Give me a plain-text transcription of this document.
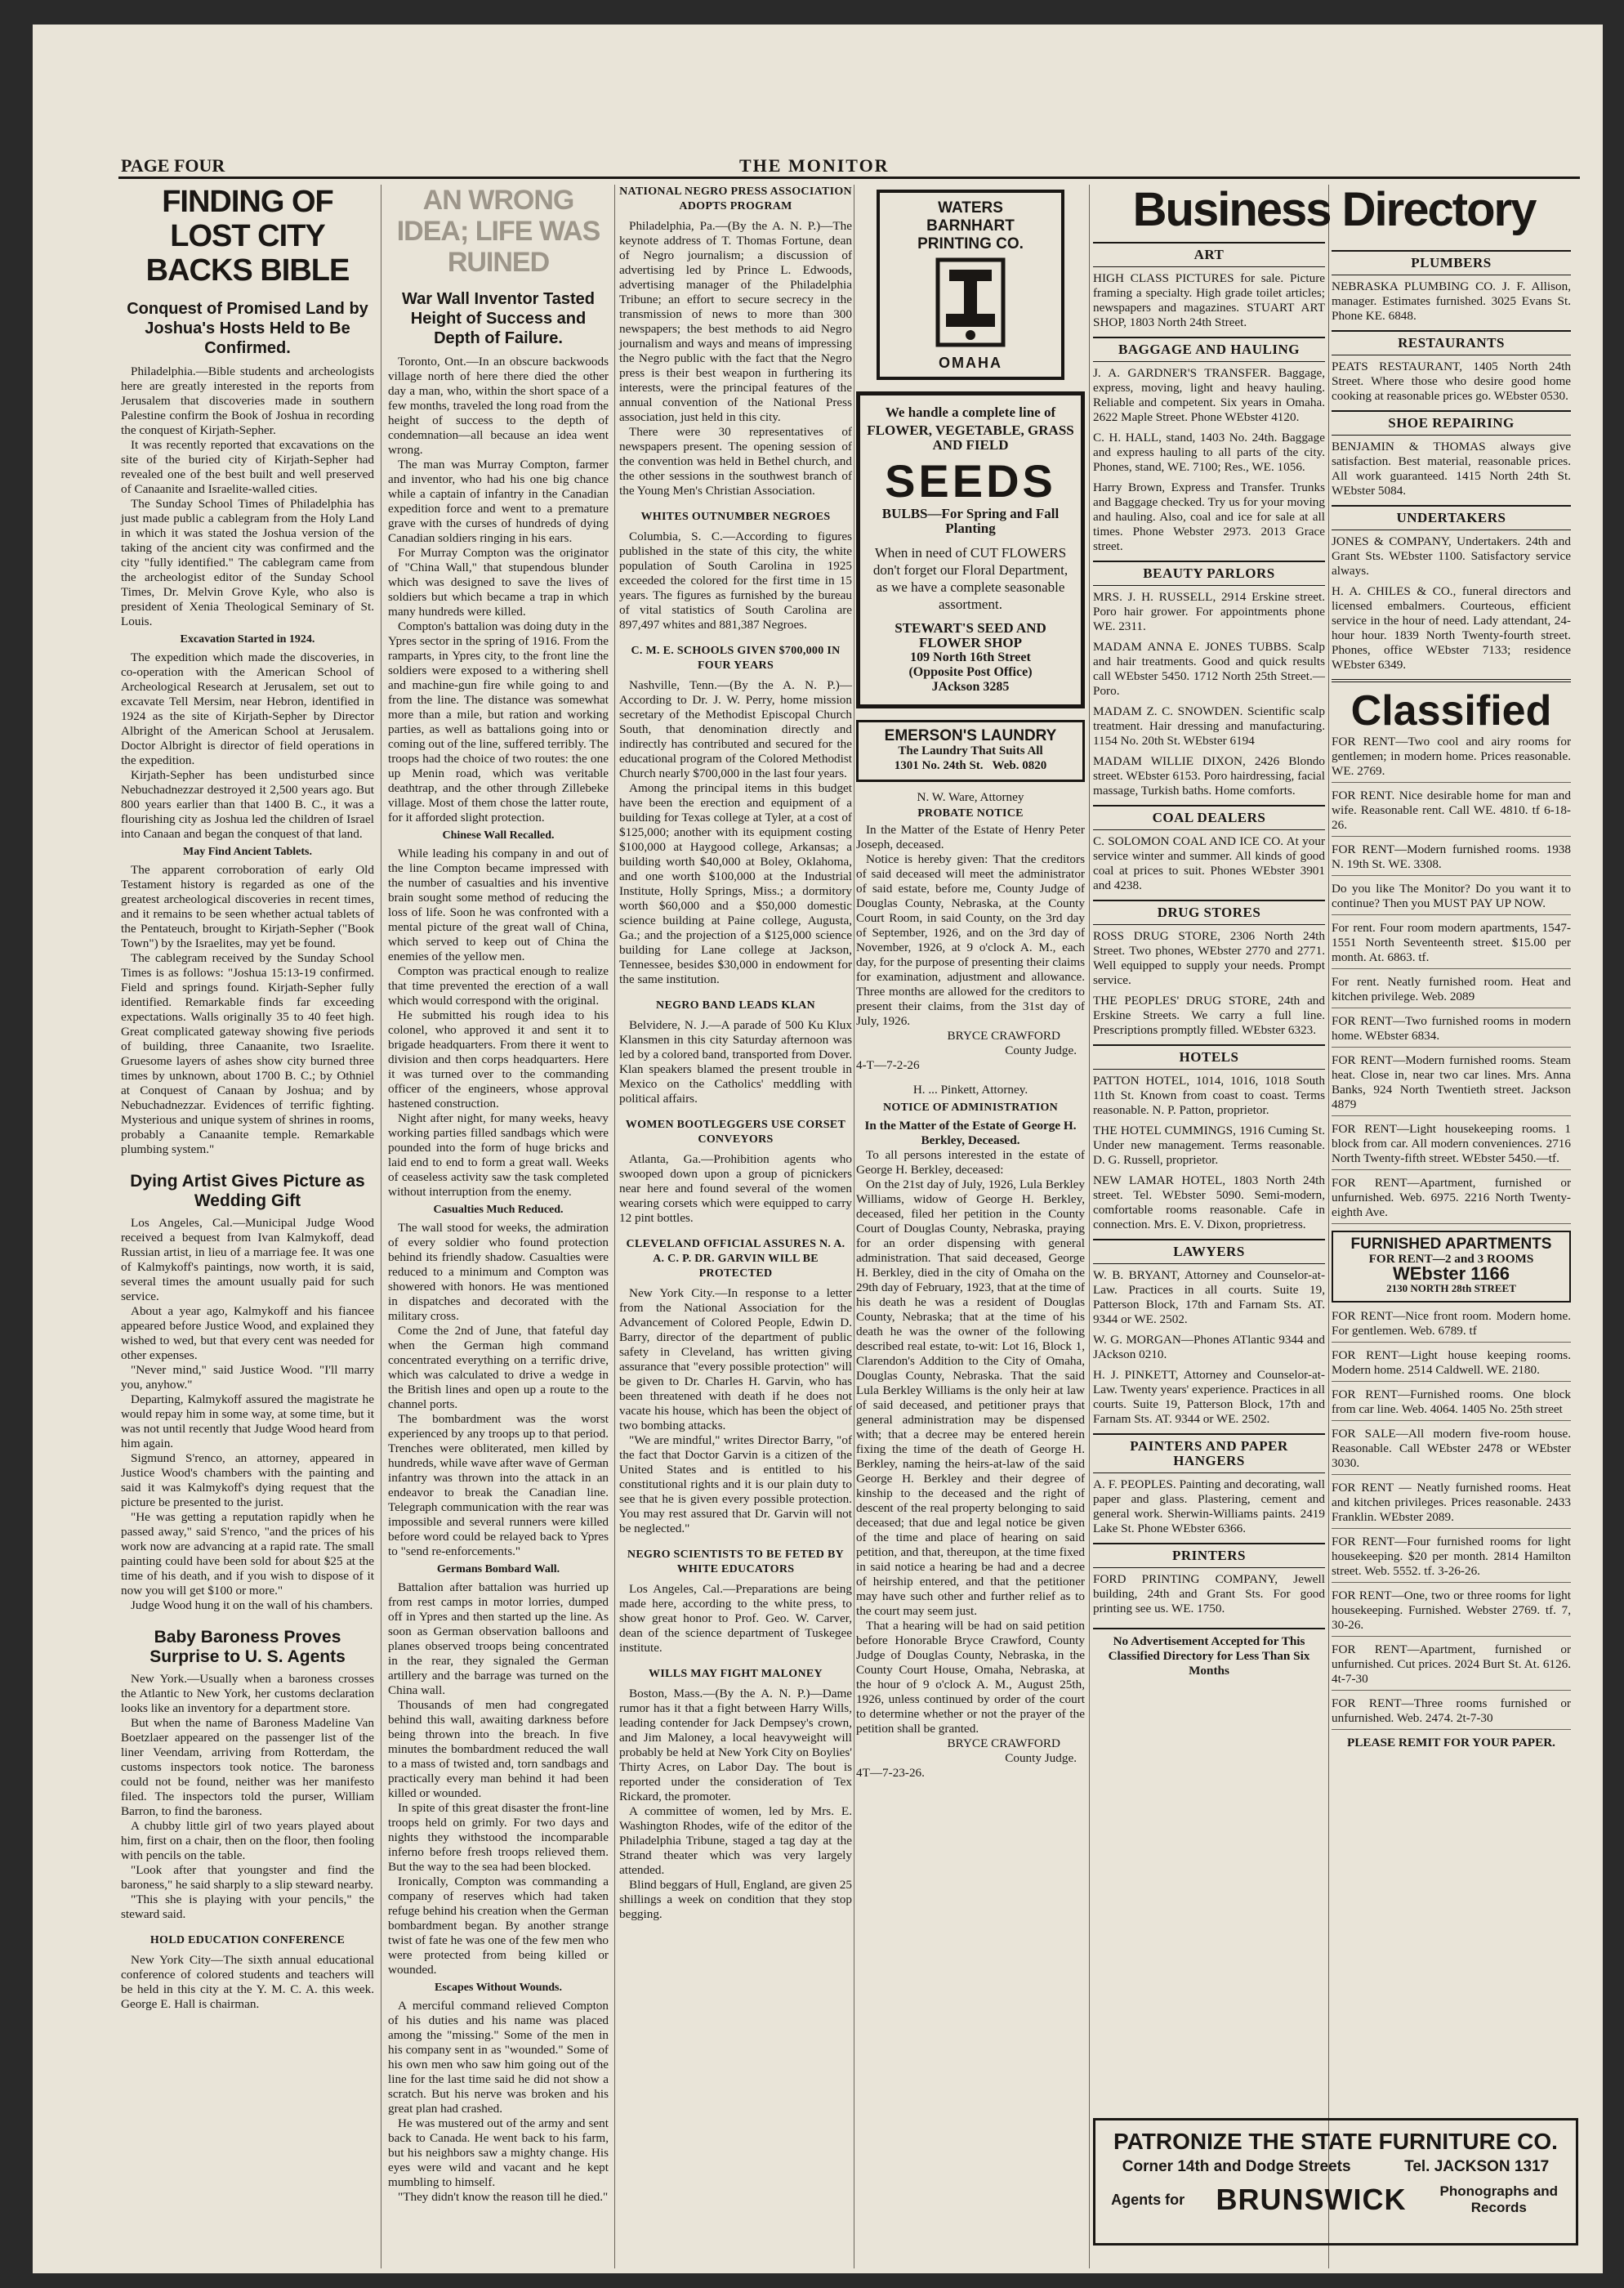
PAGE FOUR	THE MONITOR
FINDING OF LOST CITY BACKS BIBLE
Conquest of Promised Land by Joshua's Hosts Held to Be Confirmed.

Philadelphia.—Bible students and archeologists here are greatly interested in the reports from Jerusalem that discoveries made in southern Palestine confirm the Book of Joshua in recording the conquest of Kirjath-Sepher.

It was recently reported that excavations on the site of the buried city of Kirjath-Sepher had revealed one of the best built and well preserved of Canaanite and Israelite-walled cities.

The Sunday School Times of Philadelphia has just made public a cablegram from the Holy Land in which it was stated the Joshua version of the taking of the ancient city was confirmed and the city "fully identified." The cablegram came from the archeologist editor of the Sunday School Times, Dr. Melvin Grove Kyle, who also is president of Xenia Theological Seminary of St. Louis.

Excavation Started in 1924.

The expedition which made the discoveries, in co-operation with the American School of Archeological Research at Jerusalem, set out to excavate Tell Mersim, near Hebron, identified in 1924 as the site of Kirjath-Sepher by Director Albright of the American School at Jerusalem. Doctor Albright is director of field operations in the expedition.

Kirjath-Sepher has been undisturbed since Nebuchadnezzar destroyed it 2,500 years ago. But 800 years earlier than that 1400 B. C., it was a flourishing city as Joshua led the children of Israel into Canaan and began the conquest of that land.

May Find Ancient Tablets.

The apparent corroboration of early Old Testament history is regarded as one of the greatest archeological discoveries in recent times, and it remains to be seen whether actual tablets of the Pentateuch, brought to Kirjath-Sepher ("Book Town") by the Israelites, may yet be found.

The cablegram received by the Sunday School Times is as follows: "Joshua 15:13-19 confirmed. Field and springs found. Kirjath-Sepher fully identified. Remarkable finds far exceeding expectations. Walls originally 35 to 40 feet high. Great complicated gateway showing five periods of building, three Canaanite, two Israelite. Gruesome layers of ashes show city burned three times by unknown, about 1700 B. C.; by Othniel at Conquest of Canaan by Joshua; and by Nebuchadnezzar. Evidences of terrific fighting. Mysterious and unique system of shrines in rooms, probably a Canaanite temple. Remarkable plumbing system."

Dying Artist Gives Picture as Wedding Gift

Los Angeles, Cal.—Municipal Judge Wood received a bequest from Ivan Kalmykoff, dead Russian artist, in lieu of a marriage fee. It was one of Kalmykoff's paintings, now worth, it is said, several times the amount usually paid for such service.

About a year ago, Kalmykoff and his fiancee appeared before Justice Wood, and explained they wished to wed, but that every cent was needed for other expenses.

"Never mind," said Justice Wood. "I'll marry you, anyhow."

Departing, Kalmykoff assured the magistrate he would repay him in some way, at some time, but it was not until recently that Judge Wood heard from him again.

Sigmund S'renco, an attorney, appeared in Justice Wood's chambers with the painting and said it was Kalmykoff's dying request that the picture be presented to the jurist.

"He was getting a reputation rapidly when he passed away," said S'renco, "and the prices of his work now are advancing at a rapid rate. The small painting could have been sold for about $25 at the time of his death, and if you wish to dispose of it now you will get $100 or more."

Judge Wood hung it on the wall of his chambers.

Baby Baroness Proves Surprise to U. S. Agents

New York.—Usually when a baroness crosses the Atlantic to New York, her customs declaration looks like an inventory for a department store.

But when the name of Baroness Madeline Van Boetzlaer appeared on the passenger list of the liner Veendam, arriving from Rotterdam, the customs inspectors took notice. The baroness could not be found, neither was her manifesto filed. The inspectors told the purser, William Barron, to find the baroness.

A chubby little girl of two years played about him, first on a chair, then on the floor, then fooling with pencils on the table.

"Look after that youngster and find the baroness," he said sharply to a slip steward nearby.

"This she is playing with your pencils," the steward said.

HOLD EDUCATION CONFERENCE

New York City—The sixth annual educational conference of colored students and teachers will be held in this city at the Y. M. C. A. this week. George E. Hall is chairman.

AN WRONG IDEA; LIFE WAS RUINED
War Wall Inventor Tasted Height of Success and Depth of Failure.

Toronto, Ont.—In an obscure backwoods village north of here there died the other day a man, who, within the short space of a few months, traveled the long road from the height of success to the depth of condemnation—all because an idea went wrong.

The man was Murray Compton, farmer and inventor, who had his one big chance while a captain of infantry in the Canadian expedition force and went to a premature grave with the curses of hundreds of dying Canadian soldiers ringing in his ears.

For Murray Compton was the originator of "China Wall," that stupendous blunder which was designed to save the lives of soldiers but which became a trap in which many hundreds were killed.

Compton's battalion was doing duty in the Ypres sector in the spring of 1916. From the ramparts, in Ypres city, to the front line the soldiers were exposed to a withering shell and machine-gun fire while going to and from the line. The distance was somewhat more than a mile, but ration and working parties, as well as battalions going into or coming out of the line, suffered terribly. The troops had the choice of two routes: the one up Menin road, which was veritable deathtrap, and the other through Zillebeke village. Most of them chose the latter route, for it afforded slight protection.

Chinese Wall Recalled.

While leading his company in and out of the line Compton became impressed with the number of casualties and his inventive brain sought some method of reducing the loss of life. Soon he was confronted with a mental picture of the great wall of China, which served to keep out of China the enemies of the yellow men.

Compton was practical enough to realize that time prevented the erection of a wall which would correspond with the original.

He submitted his rough idea to his colonel, who approved it and sent it to brigade headquarters. From there it went to division and then corps headquarters. Here it was turned over to the commanding officer of the engineers, whose approval hastened construction.

Night after night, for many weeks, heavy working parties filled sandbags which were pounded into the form of huge bricks and laid end to end to form a great wall. Weeks of ceaseless activity saw the task completed without interruption from the enemy.

Casualties Much Reduced.

The wall stood for weeks, the admiration of every soldier who found protection behind its friendly shadow. Casualties were reduced to a minimum and Compton was showered with honors. He was mentioned in dispatches and decorated with the military cross.

Come the 2nd of June, that fateful day when the German high command concentrated everything on a terrific drive, which was calculated to drive a wedge in the British lines and open up a route to the channel ports.

The bombardment was the worst experienced by any troops up to that period. Trenches were obliterated, men killed by hundreds, while wave after wave of German infantry was thrown into the attack in an endeavor to break the Canadian line. Telegraph communication with the rear was impossible and several runners were killed before word could be relayed back to Ypres to "send re-enforcements."

Germans Bombard Wall.

Battalion after battalion was hurried up from rest camps in motor lorries, dumped off in Ypres and then started up the line. As soon as German observation balloons and planes observed troops being concentrated in the rear, they signaled the German artillery and the barrage was turned on the China wall.

Thousands of men had congregated behind this wall, awaiting darkness before being thrown into the breach. In five minutes the bombardment reduced the wall to a mass of twisted and, torn sandbags and practically every man behind it had been killed or wounded.

In spite of this great disaster the front-line troops held on grimly. For two days and nights they withstood the incomparable inferno before fresh troops relieved them. But the way to the sea had been blocked.

Ironically, Compton was commanding a company of reserves which had taken refuge behind his creation when the German bombardment began. By another strange twist of fate he was one of the few men who were protected from being killed or wounded.

Escapes Without Wounds.

A merciful command relieved Compton of his duties and his name was placed among the "missing." Some of the men in his company sent in as "wounded." Some of his own men who saw him going out of the line for the last time said he did not show a scratch. But his nerve was broken and his great plan had crashed.

He was mustered out of the army and sent back to Canada. He went back to his farm, but his neighbors saw a mighty change. His eyes were wild and vacant and he kept mumbling to himself.

"They didn't know the reason till he died."

NATIONAL NEGRO PRESS ASSOCIATION ADOPTS PROGRAM

Philadelphia, Pa.—(By the A. N. P.)—The keynote address of T. Thomas Fortune, dean of Negro journalism; a discussion of advertising led by Prince L. Edwoods, advertising manager of the Philadelphia Tribune; an effort to secure secrecy in the transmission of news to more than 300 newspapers; the best methods to aid Negro journalism and ways and means of impressing the Negro public with the fact that the Negro press is their best weapon in furthering its interests, were the principal features of the annual convention of the National Press association, just held in this city.

There were 30 representatives of newspapers present. The opening session of the convention was held in Bethel church, and the other sessions in the southwest branch of the Young Men's Christian Association.

WHITES OUTNUMBER NEGROES

Columbia, S. C.—According to figures published in the state of this city, the white population of South Carolina in 1925 exceeded the colored for the first time in 15 years. The figures as furnished by the bureau of vital statistics of South Carolina are 897,497 whites and 881,387 Negroes.

C. M. E. SCHOOLS GIVEN $700,000 IN FOUR YEARS

Nashville, Tenn.—(By the A. N. P.)—According to Dr. J. W. Perry, home mission secretary of the Methodist Episcopal Church South, that denomination directly and indirectly has contributed and secured for the educational program of the Colored Methodist Church nearly $700,000 in the last four years.

Among the principal items in this budget have been the erection and equipment of a building for Texas college at Tyler, at a cost of $125,000; another with its equipment costing $100,000 at Haygood college, Arkansas; a building worth $40,000 at Boley, Oklahoma, and one worth $100,000 at the Industrial Institute, Holly Springs, Miss.; a dormitory worth $60,000 and a $50,000 domestic science building at Paine college, Augusta, Ga.; and the projection of a $125,000 science building for Lane college at Jackson, Tennessee, besides $30,000 in endowment for the same institution.

NEGRO BAND LEADS KLAN

Belvidere, N. J.—A parade of 500 Ku Klux Klansmen in this city Saturday afternoon was led by a colored band, transported from Dover. Klan speakers blamed the present trouble in Mexico on the Catholics' meddling with political affairs.

WOMEN BOOTLEGGERS USE CORSET CONVEYORS

Atlanta, Ga.—Prohibition agents who swooped down upon a group of picnickers near here and found several of the women wearing corsets which were equipped to carry 12 pint bottles.

CLEVELAND OFFICIAL ASSURES N. A. A. C. P. DR. GARVIN WILL BE PROTECTED

New York City.—In response to a letter from the National Association for the Advancement of Colored People, Edwin D. Barry, director of the department of public safety in Cleveland, has written giving assurance that "every possible protection" will be given to Dr. Charles H. Garvin, who has been threatened with death if he does not vacate his house, which has been the object of two bombing attacks.

"We are mindful," writes Director Barry, "of the fact that Doctor Garvin is a citizen of the United States and is entitled to his constitutional rights and it is our plain duty to see that he is given every possible protection. You may rest assured that Dr. Garvin will not be neglected."

NEGRO SCIENTISTS TO BE FETED BY WHITE EDUCATORS

Los Angeles, Cal.—Preparations are being made here, according to the white press, to show great honor to Prof. Geo. W. Carver, dean of the science department of Tuskegee institute.

WILLS MAY FIGHT MALONEY

Boston, Mass.—(By the A. N. P.)—Dame rumor has it that a fight between Harry Wills, leading contender for Jack Dempsey's crown, and Jim Maloney, a local heavyweight will probably be held at New York City on Boylies' Thirty Acres, on Labor Day. The bout is reported under the consideration of Tex Rickard, the promoter.

A committee of women, led by Mrs. E. Washington Rhodes, wife of the editor of the Philadelphia Tribune, staged a tag day at the Strand theater which was very largely attended.

Blind beggars of Hull, England, are given 25 shillings a week on condition that they stop begging.

WATERS
BARNHART
PRINTING CO.
OMAHA
We handle a complete line of
FLOWER, VEGETABLE, GRASS AND FIELD
SEEDS
BULBS—For Spring and Fall Planting
When in need of CUT FLOWERS don't forget our Floral Department, as we have a complete seasonable assortment.
STEWART'S SEED AND FLOWER SHOP
109 North 16th Street
(Opposite Post Office)
JAckson 3285
EMERSON'S LAUNDRY
The Laundry That Suits All
1301 No. 24th St. Web. 0820
N. W. Ware, Attorney
PROBATE NOTICE

In the Matter of the Estate of Henry Peter Joseph, deceased.

Notice is hereby given: That the creditors of said deceased will meet the administrator of said estate, before me, County Judge of Douglas County, Nebraska, at the County Court Room, in said County, on the 3rd day of September, 1926, and on the 3rd day of November, 1926, at 9 o'clock A. M., each day, for the purpose of presenting their claims for examination, adjustment and allowance. Three months are allowed for the creditors to present their claims, from the 31st day of July, 1926.

BRYCE CRAWFORD
County Judge.
4-T—7-2-26
H. ... Pinkett, Attorney.
NOTICE OF ADMINISTRATION
In the Matter of the Estate of George H. Berkley, Deceased.

To all persons interested in the estate of George H. Berkley, deceased:

On the 21st day of July, 1926, Lula Berkley Williams, widow of George H. Berkley, deceased, filed her petition in the County Court of Douglas County, Nebraska, praying for an order dispensing with general administration. That said deceased, George H. Berkley, died in the city of Omaha on the 29th day of February, 1923, that at the time of his death he was a resident of Douglas County, Nebraska; that at the time of his death he was the owner of the following described real estate, to-wit: Lot 16, Block 1, Clarendon's Addition to the City of Omaha, Douglas County, Nebraska. That the said Lula Berkley Williams is the only heir at law of said deceased, and petitioner prays that general administration may be dispensed with; that a decree may be entered herein fixing the time of the death of George H. Berkley, naming the heirs-at-law of the said George H. Berkley and their degree of kinship to the deceased and the right of descent of the real property belonging to said deceased; that due and legal notice be given of the time and place of hearing on said petition, and that, thereupon, at the time fixed in said notice a hearing be had and a decree of heirship entered, and that the petitioner may have such other and further relief as to the court may seem just.

That a hearing will be had on said petition before Honorable Bryce Crawford, County Judge of Douglas County, Nebraska, in the County Court House, Omaha, Nebraska, at the hour of 9 o'clock A. M., August 25th, 1926, unless continued by order of the court to determine whether or not the prayer of the petition shall be granted.

BRYCE CRAWFORD
County Judge.
4T—7-23-26.
Business Directory
ART

HIGH CLASS PICTURES for sale. Picture framing a specialty. High grade toilet articles; newspapers and magazines. STUART ART SHOP, 1803 North 24th Street.

BAGGAGE AND HAULING

J. A. GARDNER'S TRANSFER. Baggage, express, moving, light and heavy hauling. Reliable and competent. Six years in Omaha. 2622 Maple Street. Phone WEbster 4120.

C. H. HALL, stand, 1403 No. 24th. Baggage and express hauling to all parts of the city. Phones, stand, WE. 7100; Res., WE. 1056.

Harry Brown, Express and Transfer. Trunks and Baggage checked. Try us for your moving and hauling. Also, coal and ice for sale at all times. Phone Webster 2973. 2013 Grace street.

BEAUTY PARLORS

MRS. J. H. RUSSELL, 2914 Erskine street. Poro hair grower. For appointments phone WE. 2311.

MADAM ANNA E. JONES TUBBS. Scalp and hair treatments. Good and quick results call WEbster 5450. 1712 North 25th Street.—Poro.

MADAM Z. C. SNOWDEN. Scientific scalp treatment. Hair dressing and manufacturing. 1154 No. 20th St. WEbster 6194

MADAM WILLIE DIXON, 2426 Blondo street. WEbster 6153. Poro hairdressing, facial massage, Turkish baths. Home comforts.

COAL DEALERS

C. SOLOMON COAL AND ICE CO. At your service winter and summer. All kinds of good coal at prices to suit. Phones WEbster 3901 and 4238.

DRUG STORES

ROSS DRUG STORE, 2306 North 24th Street. Two phones, WEbster 2770 and 2771. Well equipped to supply your needs. Prompt service.

THE PEOPLES' DRUG STORE, 24th and Erskine Streets. We carry a full line. Prescriptions promptly filled. WEbster 6323.

HOTELS

PATTON HOTEL, 1014, 1016, 1018 South 11th St. Known from coast to coast. Terms reasonable. N. P. Patton, proprietor.

THE HOTEL CUMMINGS, 1916 Cuming St. Under new management. Terms reasonable. D. G. Russell, proprietor.

NEW LAMAR HOTEL, 1803 North 24th street. Tel. WEbster 5090. Semi-modern, comfortable rooms reasonable. Cafe in connection. Mrs. E. V. Dixon, proprietress.

LAWYERS

W. B. BRYANT, Attorney and Counselor-at-Law. Practices in all courts. Suite 19, Patterson Block, 17th and Farnam Sts. AT. 9344 or WE. 2502.

W. G. MORGAN—Phones ATlantic 9344 and JAckson 0210.

H. J. PINKETT, Attorney and Counselor-at-Law. Twenty years' experience. Practices in all courts. Suite 19, Patterson Block, 17th and Farnam Sts. AT. 9344 or WE. 2502.

PAINTERS AND PAPER HANGERS

A. F. PEOPLES. Painting and decorating, wall paper and glass. Plastering, cement and general work. Sherwin-Williams paints. 2419 Lake St. Phone WEbster 6366.

PRINTERS

FORD PRINTING COMPANY, Jewell building, 24th and Grant Sts. For good printing see us. WE. 1750.

No Advertisement Accepted for This Classified Directory for Less Than Six Months
PLUMBERS

NEBRASKA PLUMBING CO. J. F. Allison, manager. Estimates furnished. 3025 Evans St. Phone KE. 6848.

RESTAURANTS

PEATS RESTAURANT, 1405 North 24th Street. Where those who desire good home cooking at reasonable prices go. WEbster 0530.

SHOE REPAIRING

BENJAMIN & THOMAS always give satisfaction. Best material, reasonable prices. All work guaranteed. 1415 North 24th St. WEbster 5084.

UNDERTAKERS

JONES & COMPANY, Undertakers. 24th and Grant Sts. WEbster 1100. Satisfactory service always.

H. A. CHILES & CO., funeral directors and licensed embalmers. Courteous, efficient service in the hour of need. Lady attendant, 24-hour hour. 1839 North Twenty-fourth street. Phones, office WEbster 7133; residence WEbster 6349.

Classified

FOR RENT—Two cool and airy rooms for gentlemen; in modern home. Prices reasonable. WE. 2769.

FOR RENT. Nice desirable home for man and wife. Reasonable rent. Call WE. 4810. tf 6-18-26.

FOR RENT—Modern furnished rooms. 1938 N. 19th St. WE. 3308.

Do you like The Monitor? Do you want it to continue? Then you MUST PAY UP NOW.

For rent. Four room modern apartments, 1547-1551 North Seventeenth street. $15.00 per month. At. 6863. tf.

For rent. Neatly furnished room. Heat and kitchen privilege. Web. 2089

FOR RENT—Two furnished rooms in modern home. WEbster 6834.

FOR RENT—Modern furnished rooms. Steam heat. Close in, near two car lines. Mrs. Anna Banks, 924 North Twentieth street. Jackson 4879

FOR RENT—Light housekeeping rooms. 1 block from car. All modern conveniences. 2716 North Twenty-fifth street. WEbster 5450.—tf.

FOR RENT—Apartment, furnished or unfurnished. Web. 6975. 2216 North Twenty-eighth Ave.

FURNISHED APARTMENTS
FOR RENT—2 and 3 ROOMS
WEbster 1166
2130 NORTH 28th STREET

FOR RENT—Nice front room. Modern home. For gentlemen. Web. 6789. tf

FOR RENT—Light house keeping rooms. Modern home. 2514 Caldwell. WE. 2180.

FOR RENT—Furnished rooms. One block from car line. Web. 4064. 1405 No. 25th street

FOR SALE—All modern five-room house. Reasonable. Call WEbster 2478 or WEbster 3030.

FOR RENT — Neatly furnished rooms. Heat and kitchen privileges. Prices reasonable. 2433 Franklin. WEbster 2089.

FOR RENT—Four furnished rooms for light housekeeping. $20 per month. 2814 Hamilton street. Web. 5552. tf. 3-26-26.

FOR RENT—One, two or three rooms for light housekeeping. Furnished. Webster 2769. tf. 7, 30-26.

FOR RENT—Apartment, furnished or unfurnished. Cut prices. 2024 Burt St. At. 6126. 4t-7-30

FOR RENT—Three rooms furnished or unfurnished. Web. 2474. 2t-7-30

PLEASE REMIT FOR YOUR PAPER.
PATRONIZE THE STATE FURNITURE CO.
Corner 14th and Dodge Streets	Tel. JACKSON 1317
Agents for BRUNSWICK Phonographs and Records
